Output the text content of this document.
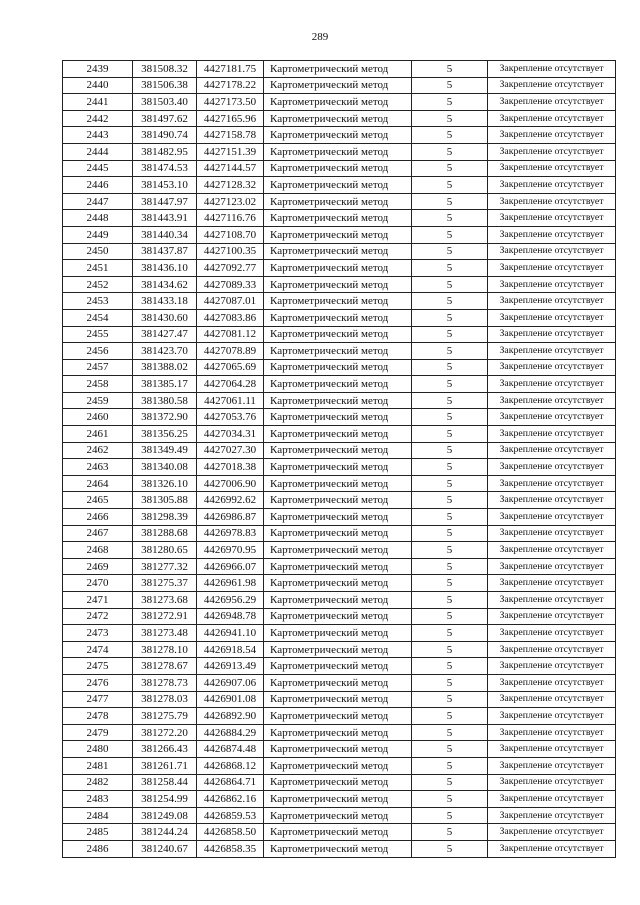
289
2439	381508.32	4427181.75	Картометрический метод	5	Закрепление отсутствует
2440	381506.38	4427178.22	Картометрический метод	5	Закрепление отсутствует
2441	381503.40	4427173.50	Картометрический метод	5	Закрепление отсутствует
2442	381497.62	4427165.96	Картометрический метод	5	Закрепление отсутствует
2443	381490.74	4427158.78	Картометрический метод	5	Закрепление отсутствует
2444	381482.95	4427151.39	Картометрический метод	5	Закрепление отсутствует
2445	381474.53	4427144.57	Картометрический метод	5	Закрепление отсутствует
2446	381453.10	4427128.32	Картометрический метод	5	Закрепление отсутствует
2447	381447.97	4427123.02	Картометрический метод	5	Закрепление отсутствует
2448	381443.91	4427116.76	Картометрический метод	5	Закрепление отсутствует
2449	381440.34	4427108.70	Картометрический метод	5	Закрепление отсутствует
2450	381437.87	4427100.35	Картометрический метод	5	Закрепление отсутствует
2451	381436.10	4427092.77	Картометрический метод	5	Закрепление отсутствует
2452	381434.62	4427089.33	Картометрический метод	5	Закрепление отсутствует
2453	381433.18	4427087.01	Картометрический метод	5	Закрепление отсутствует
2454	381430.60	4427083.86	Картометрический метод	5	Закрепление отсутствует
2455	381427.47	4427081.12	Картометрический метод	5	Закрепление отсутствует
2456	381423.70	4427078.89	Картометрический метод	5	Закрепление отсутствует
2457	381388.02	4427065.69	Картометрический метод	5	Закрепление отсутствует
2458	381385.17	4427064.28	Картометрический метод	5	Закрепление отсутствует
2459	381380.58	4427061.11	Картометрический метод	5	Закрепление отсутствует
2460	381372.90	4427053.76	Картометрический метод	5	Закрепление отсутствует
2461	381356.25	4427034.31	Картометрический метод	5	Закрепление отсутствует
2462	381349.49	4427027.30	Картометрический метод	5	Закрепление отсутствует
2463	381340.08	4427018.38	Картометрический метод	5	Закрепление отсутствует
2464	381326.10	4427006.90	Картометрический метод	5	Закрепление отсутствует
2465	381305.88	4426992.62	Картометрический метод	5	Закрепление отсутствует
2466	381298.39	4426986.87	Картометрический метод	5	Закрепление отсутствует
2467	381288.68	4426978.83	Картометрический метод	5	Закрепление отсутствует
2468	381280.65	4426970.95	Картометрический метод	5	Закрепление отсутствует
2469	381277.32	4426966.07	Картометрический метод	5	Закрепление отсутствует
2470	381275.37	4426961.98	Картометрический метод	5	Закрепление отсутствует
2471	381273.68	4426956.29	Картометрический метод	5	Закрепление отсутствует
2472	381272.91	4426948.78	Картометрический метод	5	Закрепление отсутствует
2473	381273.48	4426941.10	Картометрический метод	5	Закрепление отсутствует
2474	381278.10	4426918.54	Картометрический метод	5	Закрепление отсутствует
2475	381278.67	4426913.49	Картометрический метод	5	Закрепление отсутствует
2476	381278.73	4426907.06	Картометрический метод	5	Закрепление отсутствует
2477	381278.03	4426901.08	Картометрический метод	5	Закрепление отсутствует
2478	381275.79	4426892.90	Картометрический метод	5	Закрепление отсутствует
2479	381272.20	4426884.29	Картометрический метод	5	Закрепление отсутствует
2480	381266.43	4426874.48	Картометрический метод	5	Закрепление отсутствует
2481	381261.71	4426868.12	Картометрический метод	5	Закрепление отсутствует
2482	381258.44	4426864.71	Картометрический метод	5	Закрепление отсутствует
2483	381254.99	4426862.16	Картометрический метод	5	Закрепление отсутствует
2484	381249.08	4426859.53	Картометрический метод	5	Закрепление отсутствует
2485	381244.24	4426858.50	Картометрический метод	5	Закрепление отсутствует
2486	381240.67	4426858.35	Картометрический метод	5	Закрепление отсутствует
